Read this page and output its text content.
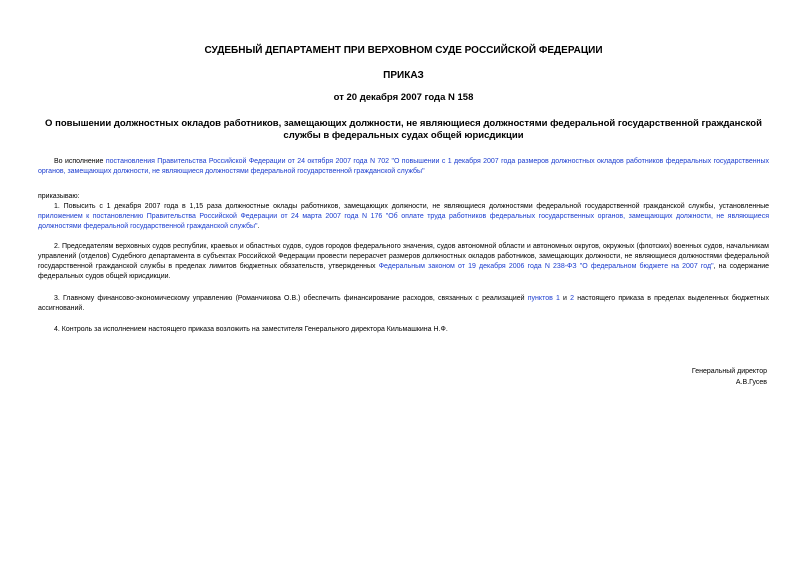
СУДЕБНЫЙ ДЕПАРТАМЕНТ ПРИ ВЕРХОВНОМ СУДЕ РОССИЙСКОЙ ФЕДЕРАЦИИ
ПРИКАЗ
от 20 декабря 2007 года N 158
О повышении должностных окладов работников, замещающих должности, не являющиеся должностями федеральной государственной гражданской службы в федеральных судах общей юрисдикции
Во исполнение постановления Правительства Российской Федерации от 24 октября 2007 года N 702 "О повышении с 1 декабря 2007 года размеров должностных окладов работников федеральных государственных органов, замещающих должности, не являющиеся должностями федеральной государственной гражданской службы"
приказываю:
1. Повысить с 1 декабря 2007 года в 1,15 раза должностные оклады работников, замещающих должности, не являющиеся должностями федеральной государственной гражданской службы, установленные приложением к постановлению Правительства Российской Федерации от 24 марта 2007 года N 176 "Об оплате труда работников федеральных государственных органов, замещающих должности, не являющиеся должностями федеральной государственной гражданской службы".
2. Председателям верховных судов республик, краевых и областных судов, судов городов федерального значения, судов автономной области и автономных округов, окружных (флотских) военных судов, начальникам управлений (отделов) Судебного департамента в субъектах Российской Федерации провести перерасчет размеров должностных окладов работников, замещающих должности, не являющиеся должностями федеральной государственной гражданской службы в пределах лимитов бюджетных обязательств, утвержденных Федеральным законом от 19 декабря 2006 года N 238-ФЗ "О федеральном бюджете на 2007 год", на содержание федеральных судов общей юрисдикции.
3. Главному финансово-экономическому управлению (Романчикова О.В.) обеспечить финансирование расходов, связанных с реализацией пунктов 1 и 2 настоящего приказа в пределах выделенных бюджетных ассигнований.
4. Контроль за исполнением настоящего приказа возложить на заместителя Генерального директора Кильмашкина Н.Ф.
Генеральный директор
А.В.Гусев
